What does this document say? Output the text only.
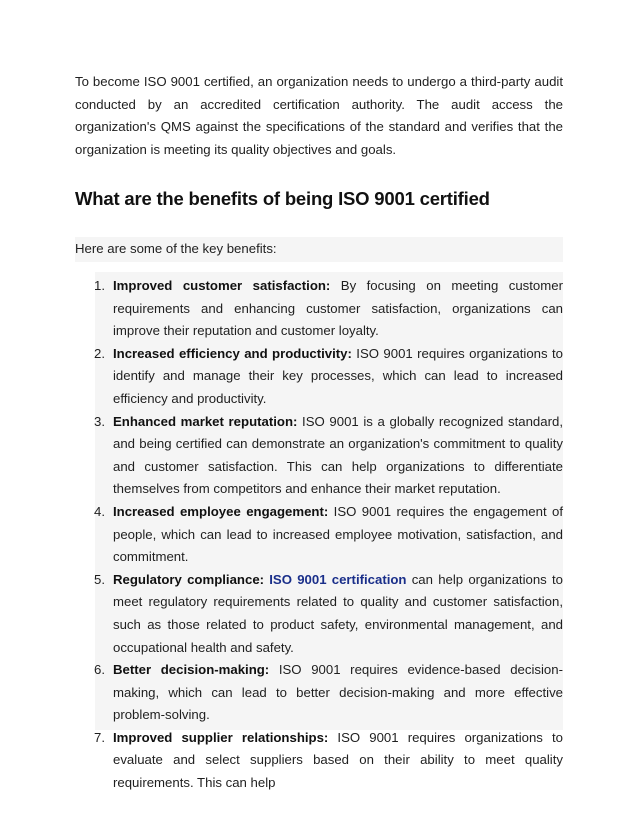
To become ISO 9001 certified, an organization needs to undergo a third-party audit conducted by an accredited certification authority. The audit access the organization's QMS against the specifications of the standard and verifies that the organization is meeting its quality objectives and goals.

What are the benefits of being ISO 9001 certified

Here are some of the key benefits:

1. Improved customer satisfaction: By focusing on meeting customer requirements and enhancing customer satisfaction, organizations can improve their reputation and customer loyalty.
2. Increased efficiency and productivity: ISO 9001 requires organizations to identify and manage their key processes, which can lead to increased efficiency and productivity.
3. Enhanced market reputation: ISO 9001 is a globally recognized standard, and being certified can demonstrate an organization's commitment to quality and customer satisfaction. This can help organizations to differentiate themselves from competitors and enhance their market reputation.
4. Increased employee engagement: ISO 9001 requires the engagement of people, which can lead to increased employee motivation, satisfaction, and commitment.
5. Regulatory compliance: ISO 9001 certification can help organizations to meet regulatory requirements related to quality and customer satisfaction, such as those related to product safety, environmental management, and occupational health and safety.
6. Better decision-making: ISO 9001 requires evidence-based decision-making, which can lead to better decision-making and more effective problem-solving.
7. Improved supplier relationships: ISO 9001 requires organizations to evaluate and select suppliers based on their ability to meet quality requirements. This can help
